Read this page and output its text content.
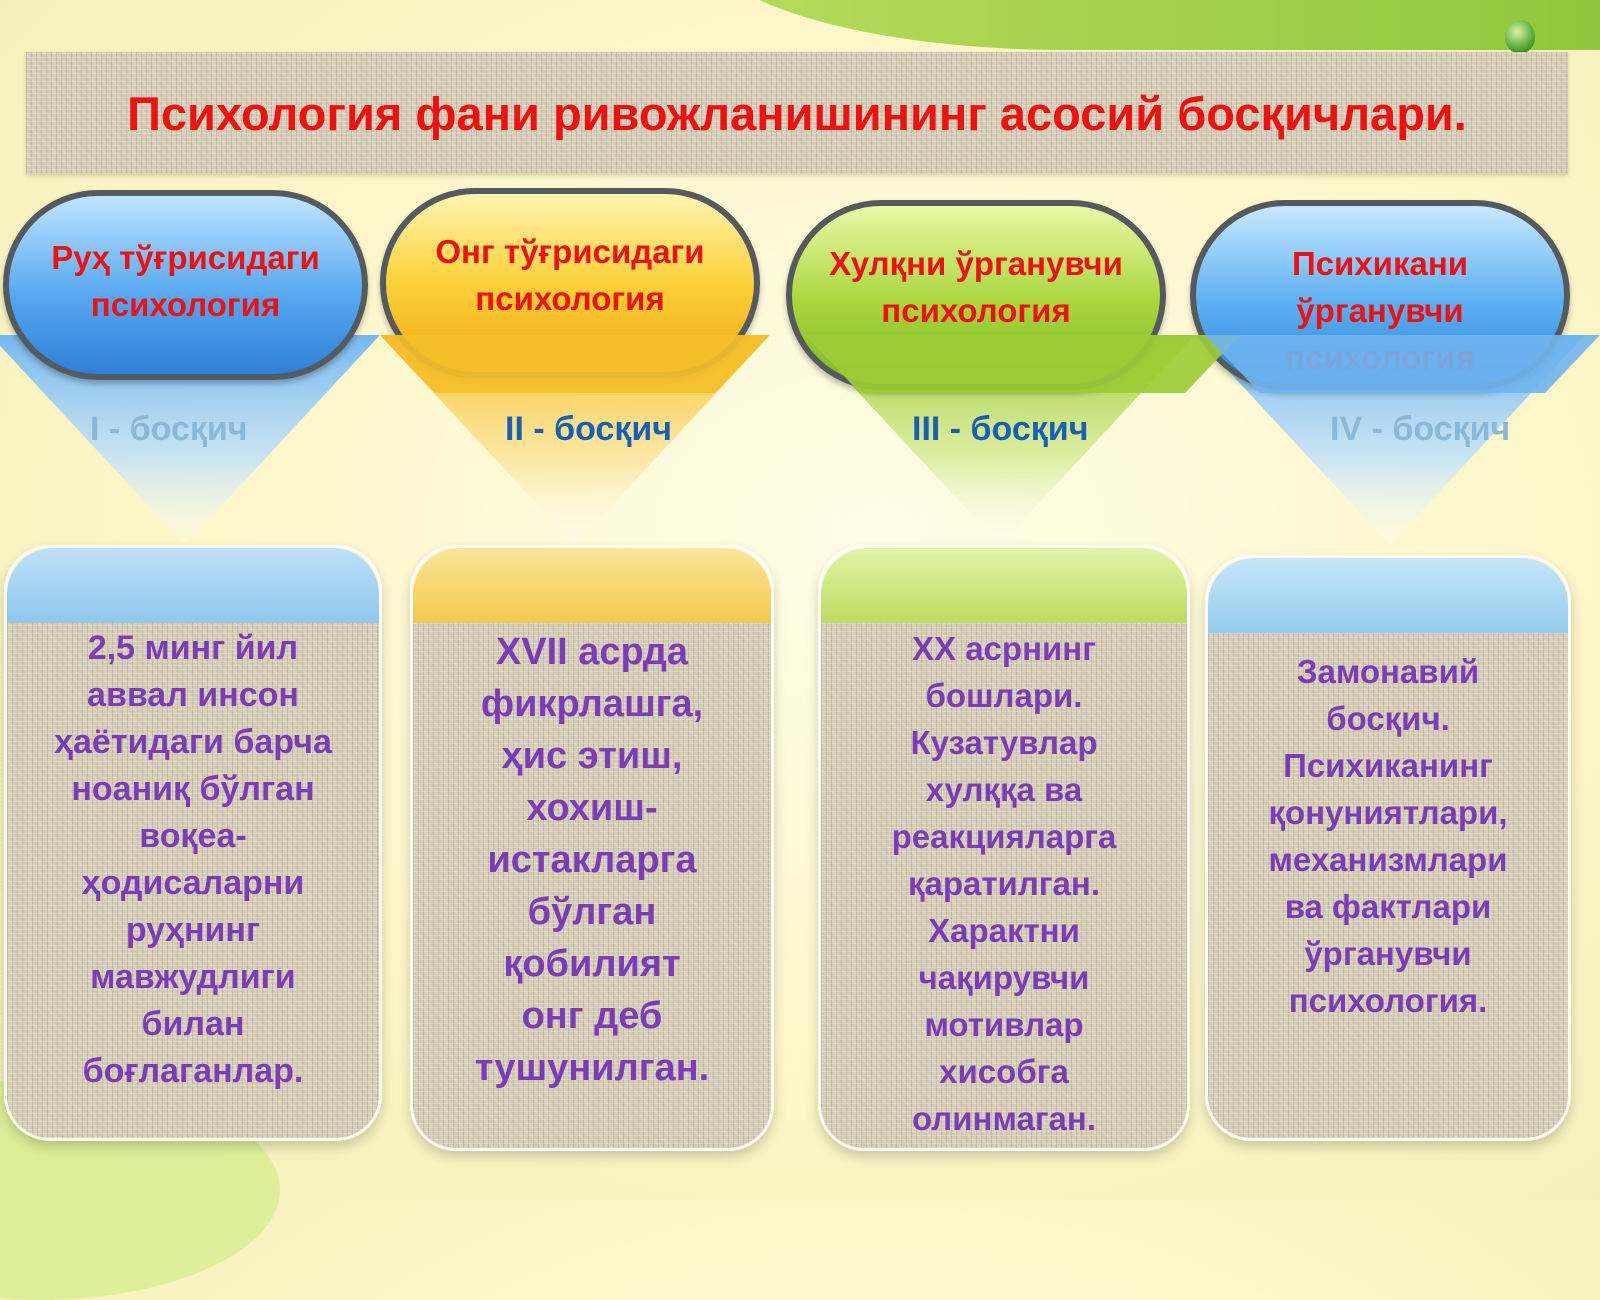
Психология фани ривожланишининг асосий босқичлари.
Руҳ тўғрисидаги психология
Онг тўғрисидаги психология
Хулқни ўрганувчи психология
Психикани ўрганувчи
I - босқич	II - босқич	III - босқич	IV - босқич
2,5 минг йил
аввал инсон
ҳаётидаги барча
ноаниқ бўлган
воқеа-
ҳодисаларни
руҳнинг
мавжудлиги
билан
боғлаганлар.
XVII асрда
фикрлашга,
ҳис этиш,
хохиш-
истакларга
бўлган
қобилият
онг деб
тушунилган.
XX асрнинг
бошлари.
Кузатувлар
хулққа ва
реакцияларга
қаратилган.
Характни
чақирувчи
мотивлар
хисобга
олинмаган.
Замонавий
босқич.
Психиканинг
қонуниятлари,
механизмлари
ва фактлари
ўрганувчи
психология.
